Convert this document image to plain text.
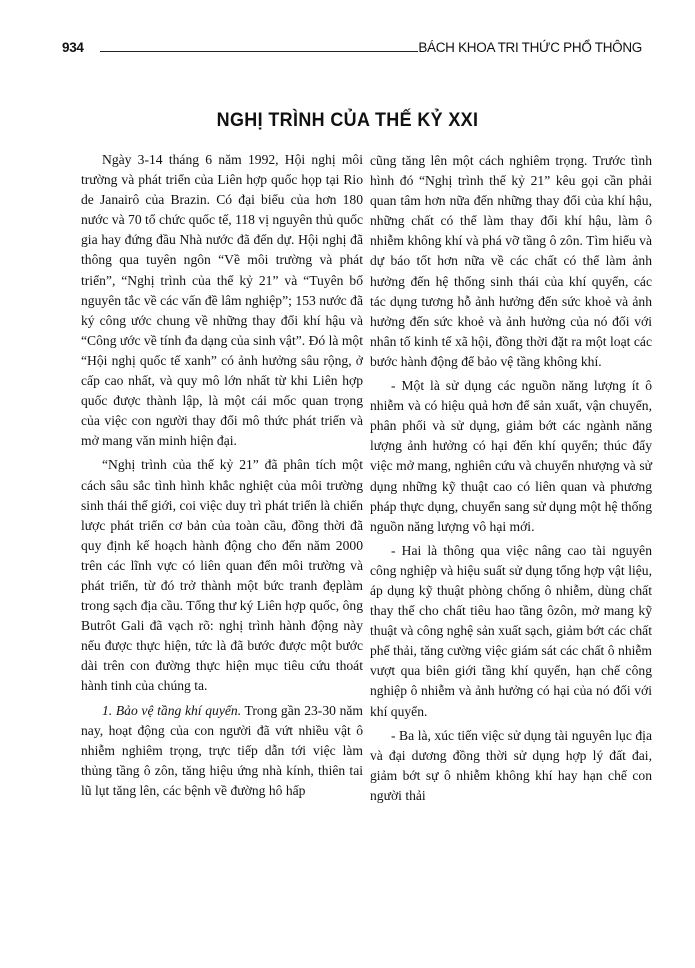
934	BÁCH KHOA TRI THỨC PHỔ THÔNG
NGHỊ TRÌNH CỦA THẾ KỶ XXI

Ngày 3-14 tháng 6 năm 1992, Hội nghị môi trường và phát triển của Liên hợp quốc họp tại Rio de Janairô của Brazin. Có đại biểu của hơn 180 nước và 70 tổ chức quốc tế, 118 vị nguyên thủ quốc gia hay đứng đầu Nhà nước đã đến dự. Hội nghị đã thông qua tuyên ngôn “Về môi trường và phát triển”, “Nghị trình của thế kỷ 21” và “Tuyên bố nguyên tắc về các vấn đề lâm nghiệp”; 153 nước đã ký công ước chung về những thay đổi khí hậu và “Công ước về tính đa dạng của sinh vật”. Đó là một “Hội nghị quốc tế xanh” có ảnh hưởng sâu rộng, ở cấp cao nhất, và quy mô lớn nhất từ khi Liên hợp quốc được thành lập, là một cái mốc quan trọng của việc con người thay đổi mô thức phát triển và mở mang văn minh hiện đại.

“Nghị trình của thế kỷ 21” đã phân tích một cách sâu sắc tình hình khắc nghiệt của môi trường sinh thái thế giới, coi việc duy trì phát triển là chiến lược phát triển cơ bản của toàn cầu, đồng thời đã quy định kế hoạch hành động cho đến năm 2000 trên các lĩnh vực có liên quan đến môi trường và phát triển, từ đó trở thành một bức tranh đẹplàm trong sạch địa cầu. Tổng thư ký Liên hợp quốc, ông Butrôt Gali đã vạch rõ: nghị trình hành động này nếu được thực hiện, tức là đã bước được một bước dài trên con đường thực hiện mục tiêu cứu thoát hành tinh của chúng ta.

1. Bảo vệ tầng khí quyển. Trong gần 23-30 năm nay, hoạt động của con người đã vứt nhiều vật ô nhiễm nghiêm trọng, trực tiếp dẫn tới việc làm thủng tầng ô zôn, tăng hiệu ứng nhà kính, thiên tai lũ lụt tăng lên, các bệnh về đường hô hấp

cũng tăng lên một cách nghiêm trọng. Trước tình hình đó “Nghị trình thế kỷ 21” kêu gọi cần phải quan tâm hơn nữa đến những thay đổi của khí hậu, những chất có thể làm thay đổi khí hậu, làm ô nhiễm không khí và phá vỡ tầng ô zôn. Tìm hiểu và dự báo tốt hơn nữa về các chất có thể làm ảnh hưởng đến hệ thống sinh thái của khí quyển, các tác dụng tương hỗ ảnh hưởng đến sức khoẻ và ảnh hưởng đến sức khoẻ và ảnh hưởng của nó đối với nhân tố kinh tế xã hội, đồng thời đặt ra một loạt các bước hành động để bảo vệ tầng không khí.

- Một là sử dụng các nguồn năng lượng ít ô nhiễm và có hiệu quả hơn để sản xuất, vận chuyển, phân phối và sử dụng, giảm bớt các ngành năng lượng ảnh hưởng có hại đến khí quyển; thúc đẩy việc mở mang, nghiên cứu và chuyển nhượng và sử dụng những kỹ thuật cao có liên quan và phương pháp thực dụng, chuyển sang sử dụng một hệ thống nguồn năng lượng vô hại mới.

- Hai là thông qua việc nâng cao tài nguyên công nghiệp và hiệu suất sử dụng tổng hợp vật liệu, áp dụng kỹ thuật phòng chống ô nhiễm, dùng chất thay thế cho chất tiêu hao tầng ôzôn, mở mang kỹ thuật và công nghệ sản xuất sạch, giảm bớt các chất phế thải, tăng cường việc giám sát các chất ô nhiễm vượt qua biên giới tầng khí quyển, hạn chế công nghiệp ô nhiễm và ảnh hưởng có hại của nó đối với khí quyển.

- Ba là, xúc tiến việc sử dụng tài nguyên lục địa và đại dương đồng thời sử dụng hợp lý đất đai, giảm bớt sự ô nhiễm không khí hay hạn chế con người thải
